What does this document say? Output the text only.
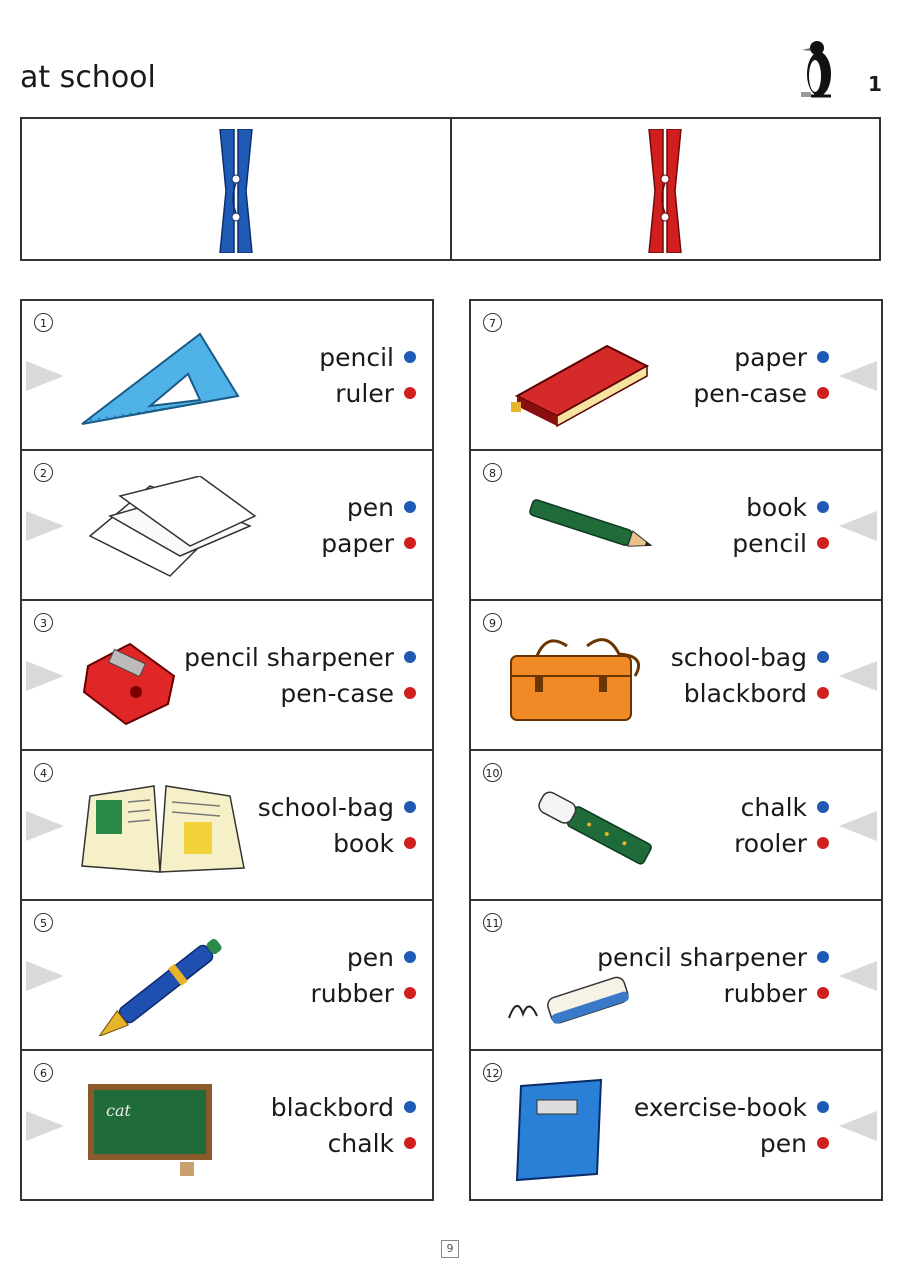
at school	1
1
pencil
ruler
2
pen
paper
3
pencil sharpener
pen-case
4
school-bag
book
5
pen
rubber
6
cat	blackbord
chalk
7
paper
pen-case
8
book
pencil
9
school-bag
blackbord
10
chalk
rooler
11
pencil sharpener
rubber
12
exercise-book
pen
9
